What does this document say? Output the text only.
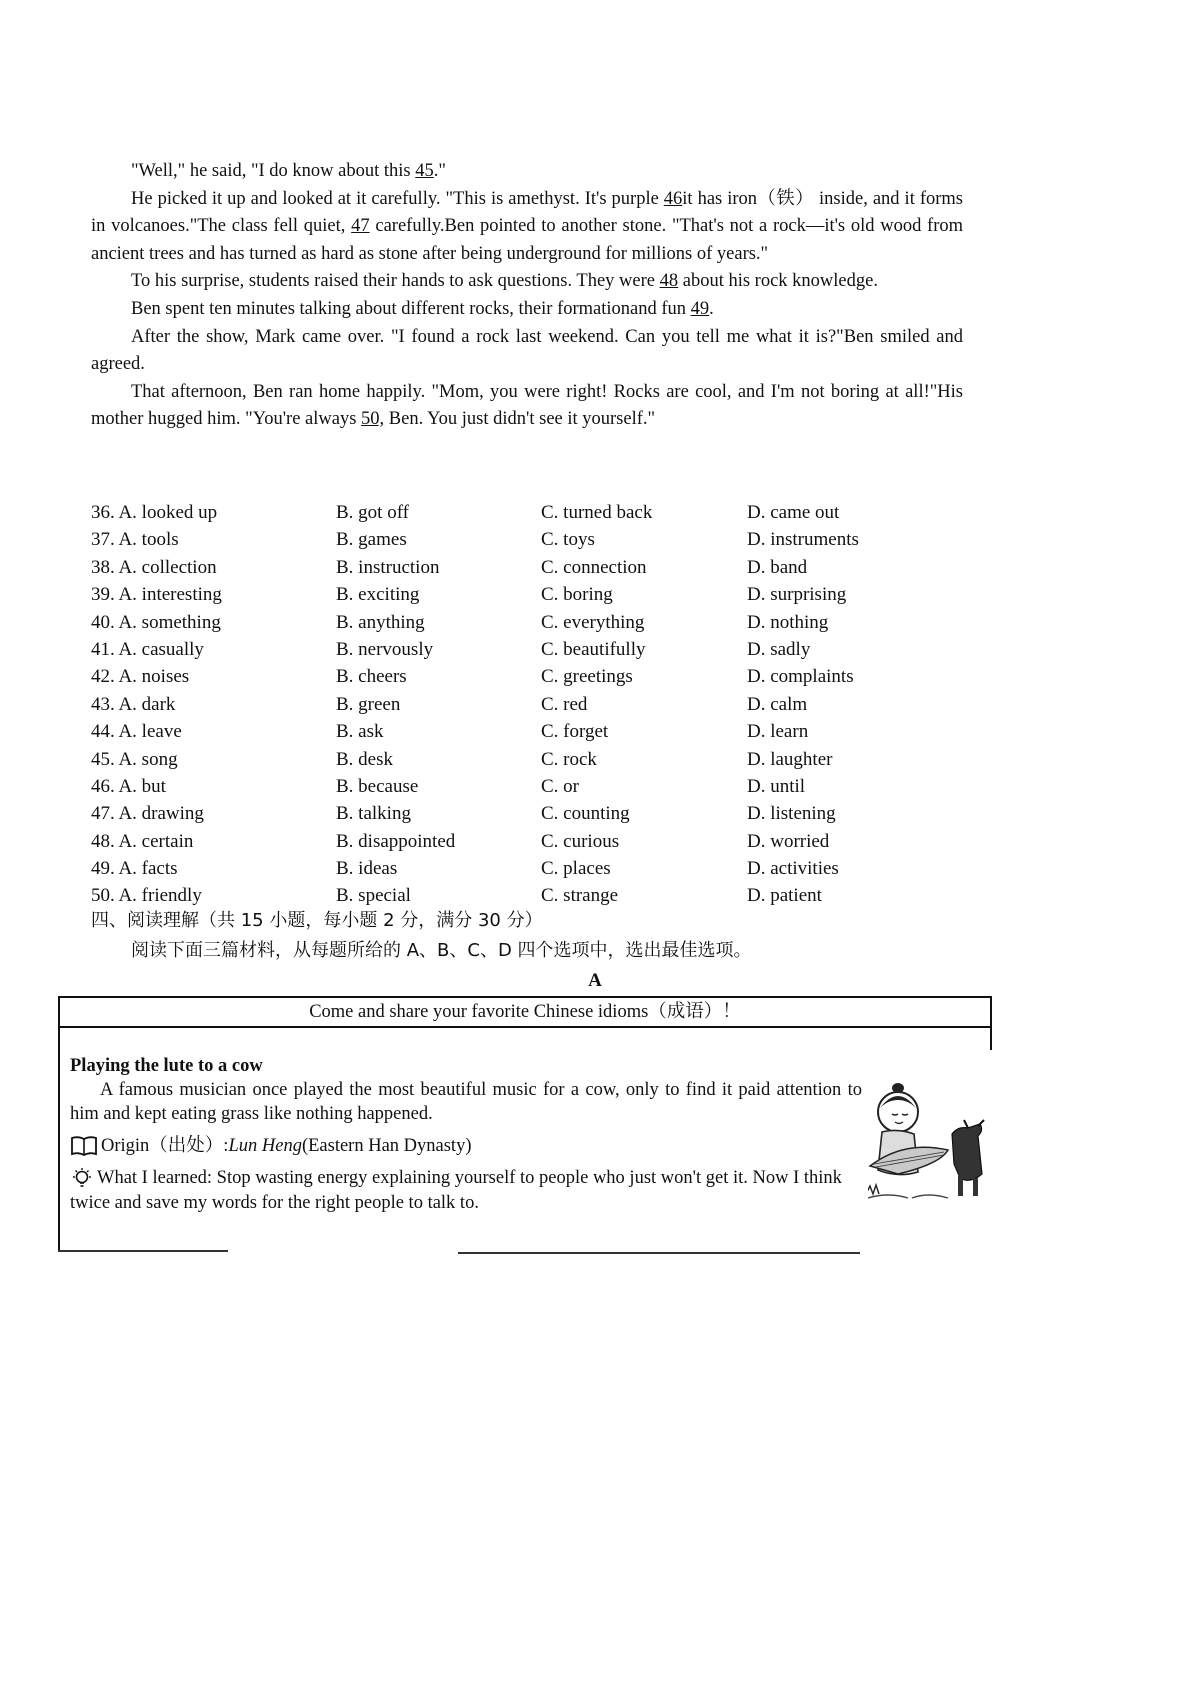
"Well," he said, "I do know about this 45."

He picked it up and looked at it carefully. "This is amethyst. It's purple 46it has iron（铁） inside, and it forms in volcanoes."The class fell quiet, 47 carefully.Ben pointed to another stone. "That's not a rock—it's old wood from ancient trees and has turned as hard as stone after being underground for millions of years."

To his surprise, students raised their hands to ask questions. They were 48 about his rock knowledge.

Ben spent ten minutes talking about different rocks, their formationand fun 49.

After the show, Mark came over. "I found a rock last weekend. Can you tell me what it is?"Ben smiled and agreed.

That afternoon, Ben ran home happily. "Mom, you were right! Rocks are cool, and I'm not boring at all!"His mother hugged him. "You're always 50, Ben. You just didn't see it yourself."

36. A. looked up	B. got off	C. turned back	D. came out
37. A. tools	B. games	C. toys	D. instruments
38. A. collection	B. instruction	C. connection	D. band
39. A. interesting	B. exciting	C. boring	D. surprising
40. A. something	B. anything	C. everything	D. nothing
41. A. casually	B. nervously	C. beautifully	D. sadly
42. A. noises	B. cheers	C. greetings	D. complaints
43. A. dark	B. green	C. red	D. calm
44. A. leave	B. ask	C. forget	D. learn
45. A. song	B. desk	C. rock	D. laughter
46. A. but	B. because	C. or	D. until
47. A. drawing	B. talking	C. counting	D. listening
48. A. certain	B. disappointed	C. curious	D. worried
49. A. facts	B. ideas	C. places	D. activities
50. A. friendly	B. special	C. strange	D. patient
四、阅读理解（共 15 小题，每小题 2 分，满分 30 分）
阅读下面三篇材料，从每题所给的 A、B、C、D 四个选项中，选出最佳选项。
A
Come and share your favorite Chinese idioms（成语）！
Playing the lute to a cow
A famous musician once played the most beautiful music for a cow, only to find it paid attention to him and kept eating grass like nothing happened.
Origin（出处）: Lun Heng (Eastern Han Dynasty)
What I learned: Stop wasting energy explaining yourself to people who just won't get it. Now I think twice and save my words for the right people to talk to.
